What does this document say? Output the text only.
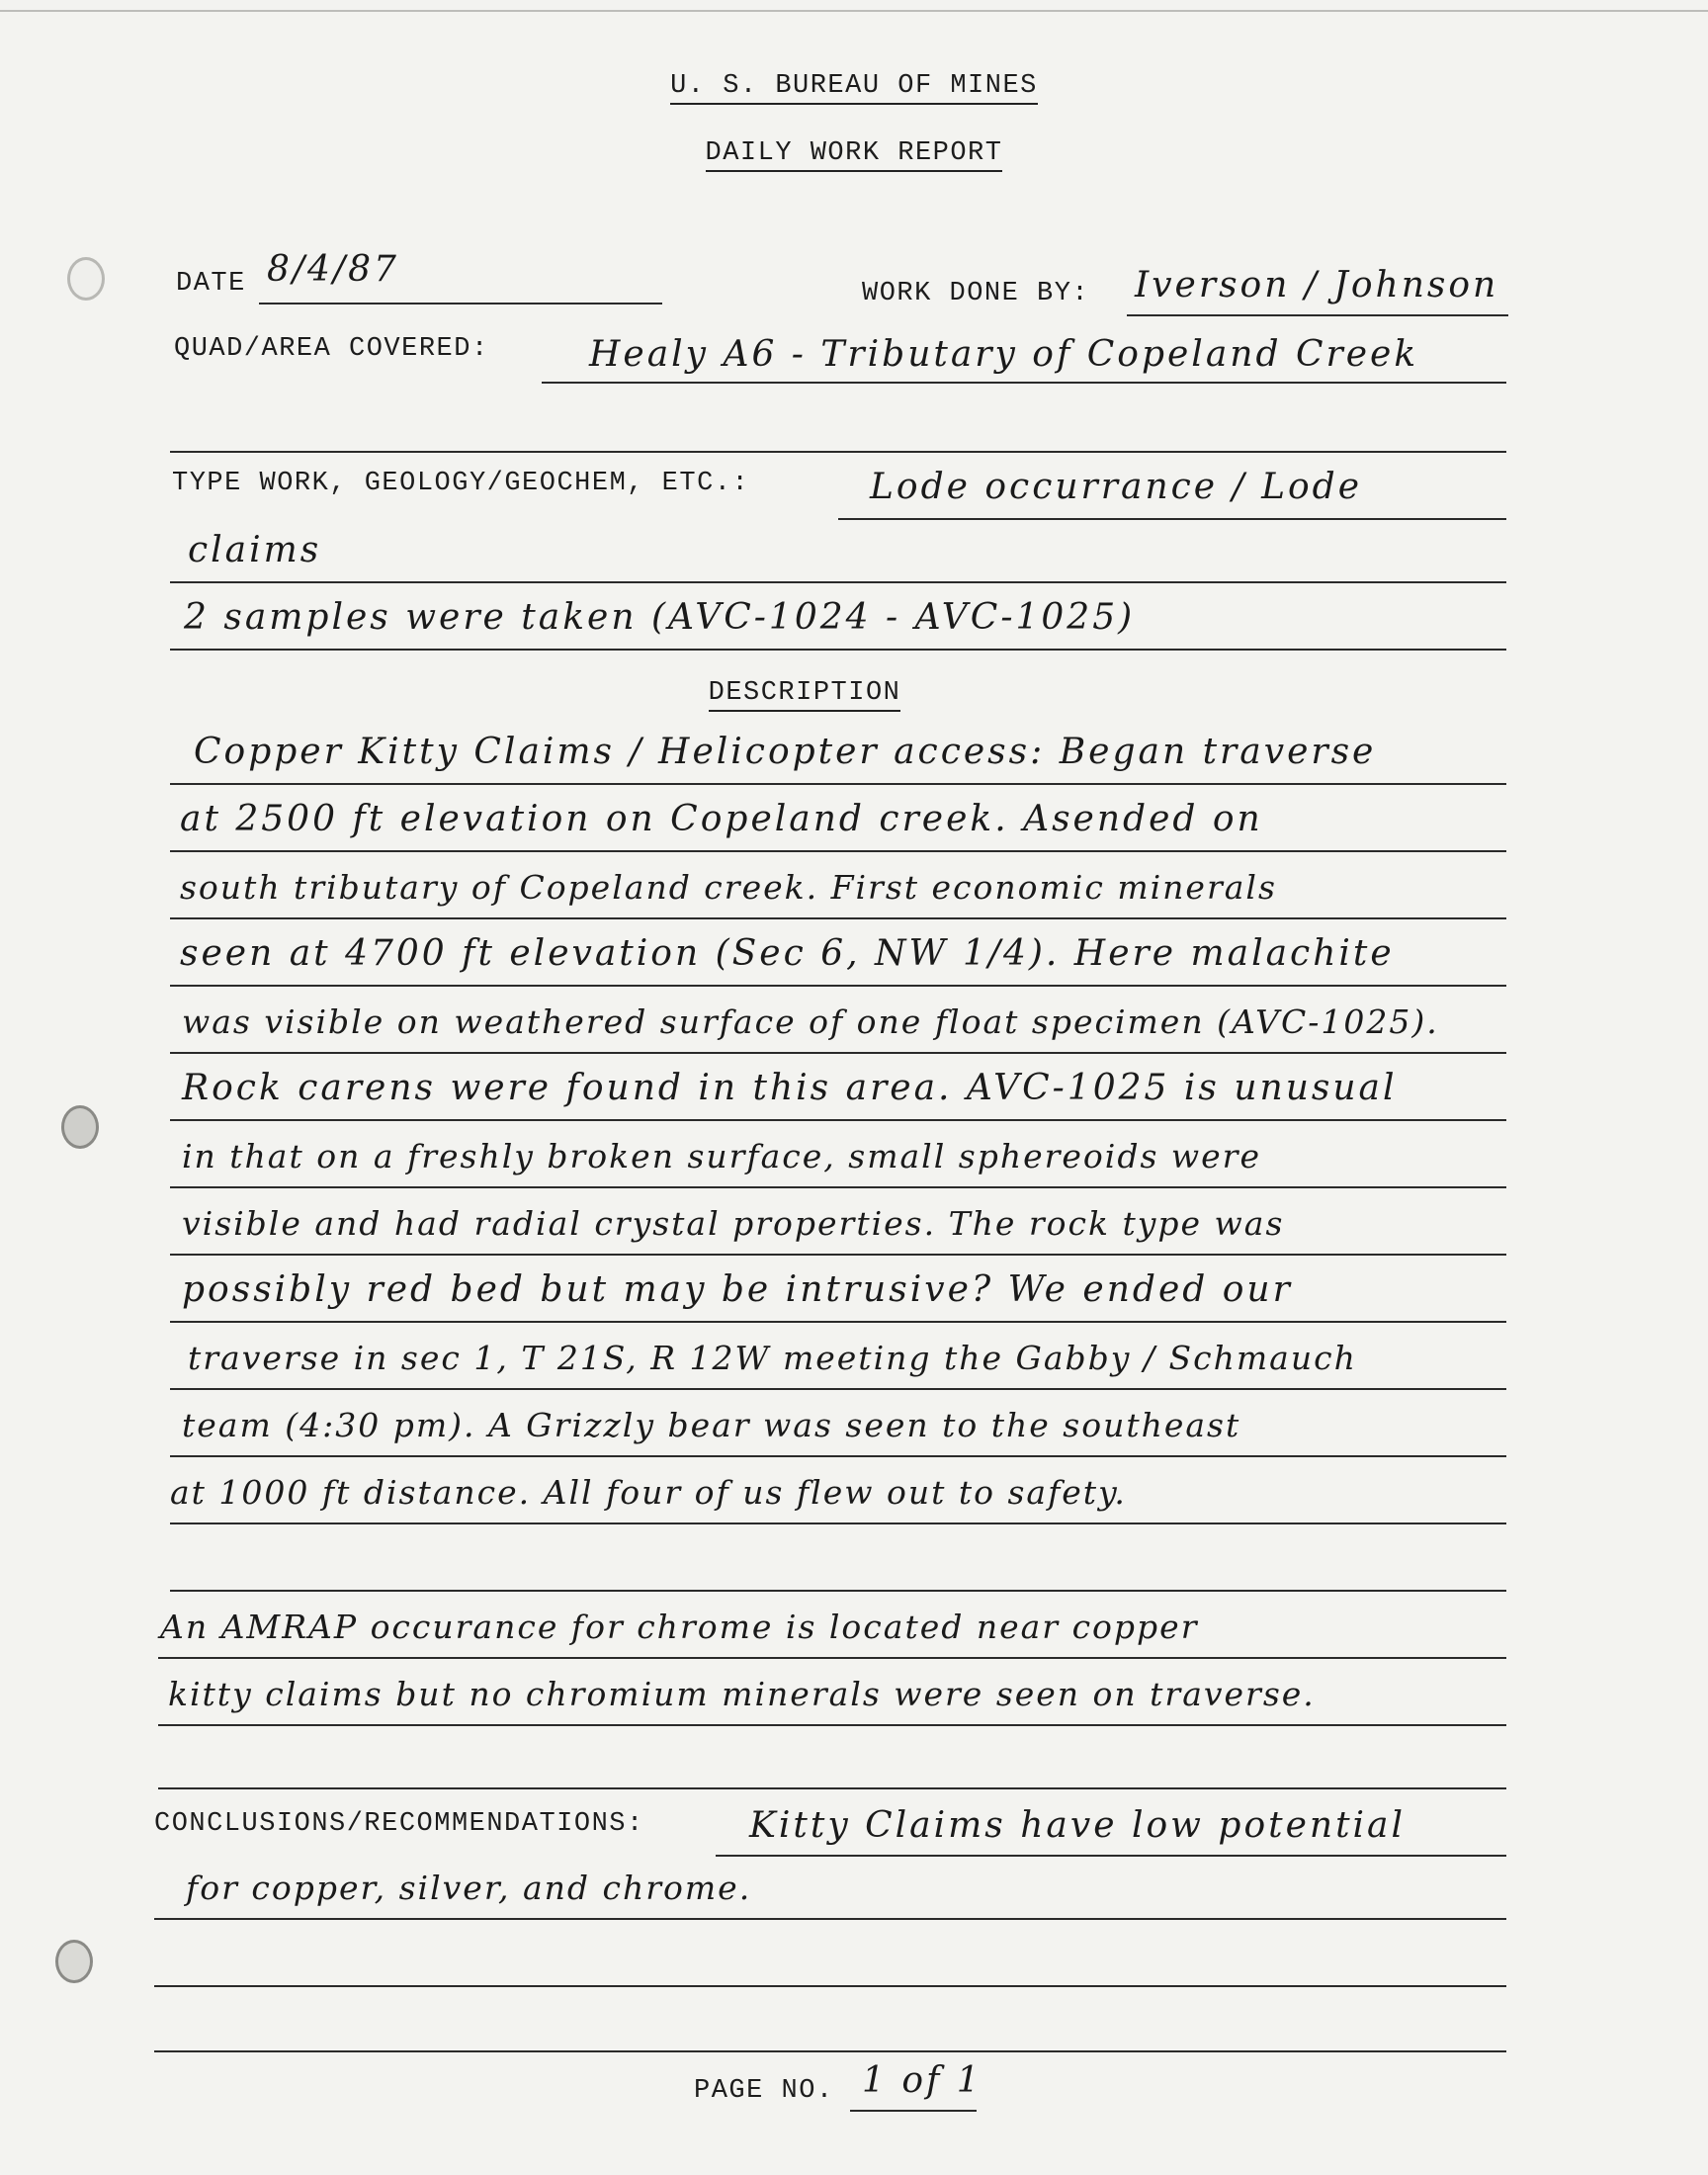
U. S. BUREAU OF MINES
DAILY WORK REPORT
DATE 8/4/87
WORK DONE BY: Iverson / Johnson
QUAD/AREA COVERED:	Healy A6 - Tributary of Copeland Creek
TYPE WORK, GEOLOGY/GEOCHEM, ETC.:	Lode occurrance / Lode
claims
2 samples were taken (AVC-1024 - AVC-1025)
DESCRIPTION
Copper Kitty Claims / Helicopter access: Began traverse
at 2500 ft elevation on Copeland creek. Asended on
south tributary of Copeland creek. First economic minerals
seen at 4700 ft elevation (Sec 6, NW 1/4). Here malachite
was visible on weathered surface of one float specimen (AVC-1025).
Rock carens were found in this area. AVC-1025 is unusual
in that on a freshly broken surface, small sphereoids were
visible and had radial crystal properties. The rock type was
possibly red bed but may be intrusive? We ended our
traverse in sec 1, T 21S, R 12W meeting the Gabby / Schmauch
team (4:30 pm). A Grizzly bear was seen to the southeast
at 1000 ft distance. All four of us flew out to safety.
An AMRAP occurance for chrome is located near copper
kitty claims but no chromium minerals were seen on traverse.
CONCLUSIONS/RECOMMENDATIONS:	Kitty Claims have low potential
for copper, silver, and chrome.
PAGE NO. 1 of 1
